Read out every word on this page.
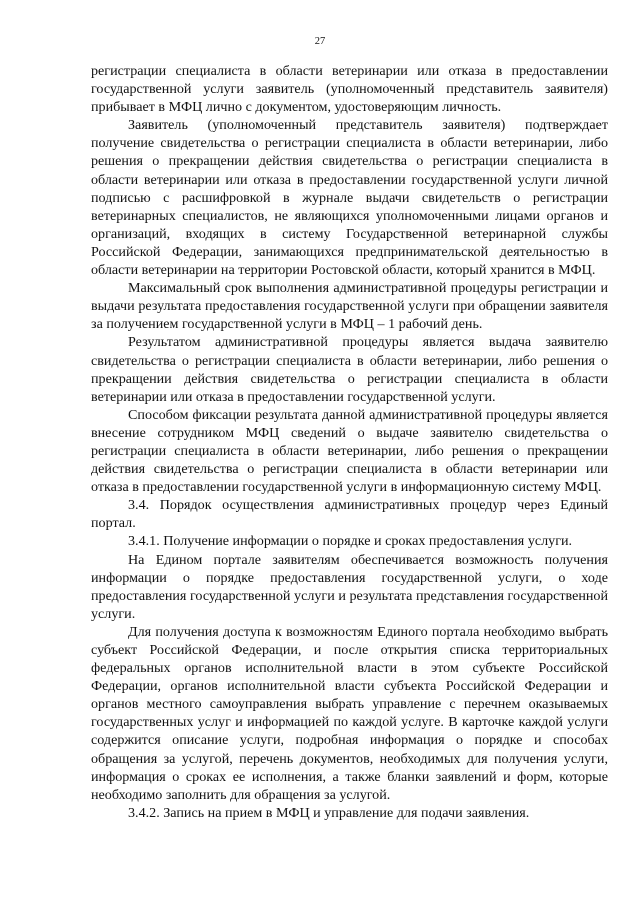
27

регистрации специалиста в области ветеринарии или отказа в предоставлении государственной услуги заявитель (уполномоченный представитель заявителя) прибывает в МФЦ лично с документом, удостоверяющим личность.

Заявитель (уполномоченный представитель заявителя) подтверждает получение свидетельства о регистрации специалиста в области ветеринарии, либо решения о прекращении действия свидетельства о регистрации специалиста в области ветеринарии или отказа в предоставлении государственной услуги личной подписью с расшифровкой в журнале выдачи свидетельств о регистрации ветеринарных специалистов, не являющихся уполномоченными лицами органов и организаций, входящих в систему Государственной ветеринарной службы Российской Федерации, занимающихся предпринимательской деятельностью в области ветеринарии на территории Ростовской области, который хранится в МФЦ.

Максимальный срок выполнения административной процедуры регистрации и выдачи результата предоставления государственной услуги при обращении заявителя за получением государственной услуги в МФЦ – 1 рабочий день.

Результатом административной процедуры является выдача заявителю свидетельства о регистрации специалиста в области ветеринарии, либо решения о прекращении действия свидетельства о регистрации специалиста в области ветеринарии или отказа в предоставлении государственной услуги.

Способом фиксации результата данной административной процедуры является внесение сотрудником МФЦ сведений о выдаче заявителю свидетельства о регистрации специалиста в области ветеринарии, либо решения о прекращении действия свидетельства о регистрации специалиста в области ветеринарии или отказа в предоставлении государственной услуги в информационную систему МФЦ.

3.4. Порядок осуществления административных процедур через Единый портал.

3.4.1. Получение информации о порядке и сроках предоставления услуги.

На Едином портале заявителям обеспечивается возможность получения информации о порядке предоставления государственной услуги, о ходе предоставления государственной услуги и результата представления государственной услуги.

Для получения доступа к возможностям Единого портала необходимо выбрать субъект Российской Федерации, и после открытия списка территориальных федеральных органов исполнительной власти в этом субъекте Российской Федерации, органов исполнительной власти субъекта Российской Федерации и органов местного самоуправления выбрать управление с перечнем оказываемых государственных услуг и информацией по каждой услуге. В карточке каждой услуги содержится описание услуги, подробная информация о порядке и способах обращения за услугой, перечень документов, необходимых для получения услуги, информация о сроках ее исполнения, а также бланки заявлений и форм, которые необходимо заполнить для обращения за услугой.

3.4.2. Запись на прием в МФЦ и управление для подачи заявления.
